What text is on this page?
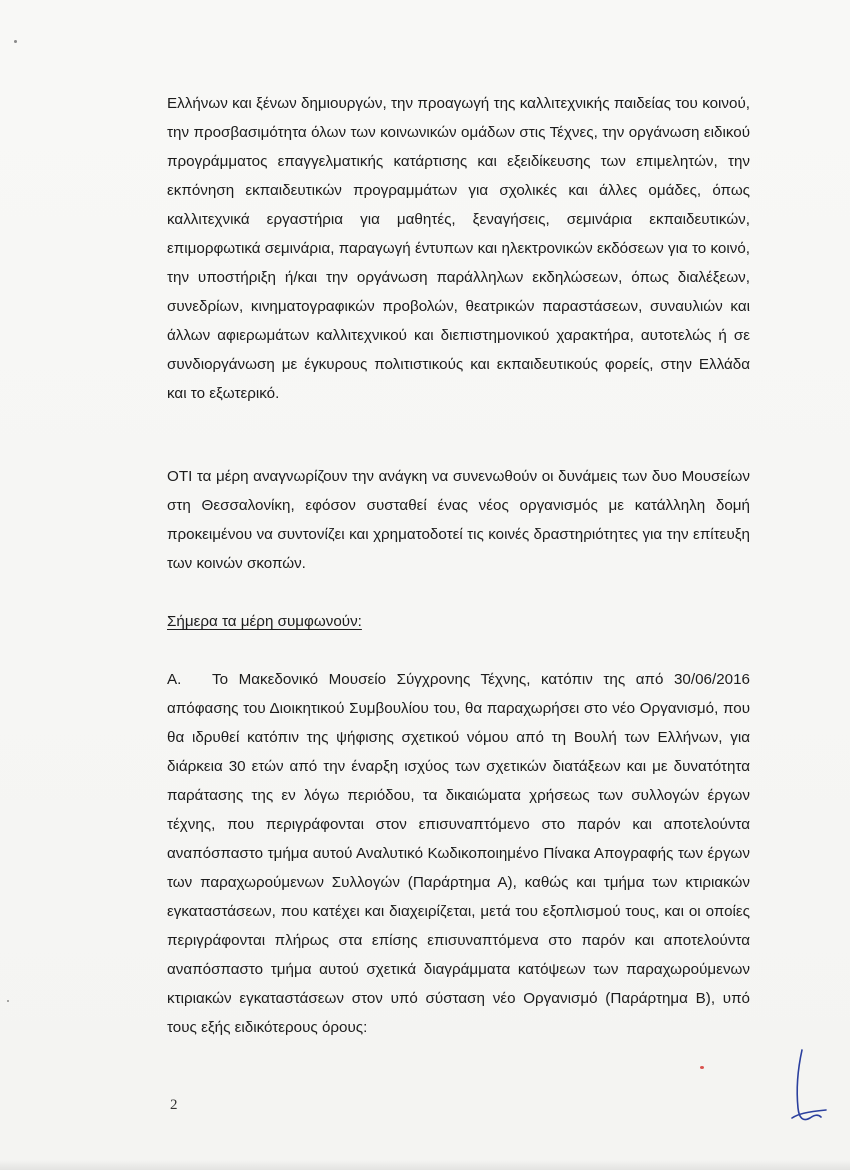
Ελλήνων και ξένων δημιουργών, την προαγωγή της καλλιτεχνικής παιδείας του κοινού, την προσβασιμότητα όλων των κοινωνικών ομάδων στις Τέχνες, την οργάνωση ειδικού προγράμματος επαγγελματικής κατάρτισης και εξειδίκευσης των επιμελητών, την εκπόνηση εκπαιδευτικών προγραμμάτων για σχολικές και άλλες ομάδες, όπως καλλιτεχνικά εργαστήρια για μαθητές, ξεναγήσεις, σεμινάρια εκπαιδευτικών, επιμορφωτικά σεμινάρια, παραγωγή έντυπων και ηλεκτρονικών εκδόσεων για το κοινό, την υποστήριξη ή/και την οργάνωση παράλληλων εκδηλώσεων, όπως διαλέξεων, συνεδρίων, κινηματογραφικών προβολών, θεατρικών παραστάσεων, συναυλιών και άλλων αφιερωμάτων καλλιτεχνικού και διεπιστημονικού χαρακτήρα, αυτοτελώς ή σε συνδιοργάνωση με έγκυρους πολιτιστικούς και εκπαιδευτικούς φορείς, στην Ελλάδα και το εξωτερικό.

ΟΤΙ τα μέρη αναγνωρίζουν την ανάγκη να συνενωθούν οι δυνάμεις των δυο Μουσείων στη Θεσσαλονίκη, εφόσον συσταθεί ένας νέος οργανισμός με κατάλληλη δομή προκειμένου να συντονίζει και χρηματοδοτεί τις κοινές δραστηριότητες για την επίτευξη των κοινών σκοπών.

Σήμερα τα μέρη συμφωνούν:

Α. Το Μακεδονικό Μουσείο Σύγχρονης Τέχνης, κατόπιν της από 30/06/2016 απόφασης του Διοικητικού Συμβουλίου του, θα παραχωρήσει στο νέο Οργανισμό, που θα ιδρυθεί κατόπιν της ψήφισης σχετικού νόμου από τη Βουλή των Ελλήνων, για διάρκεια 30 ετών από την έναρξη ισχύος των σχετικών διατάξεων και με δυνατότητα παράτασης της εν λόγω περιόδου, τα δικαιώματα χρήσεως των συλλογών έργων τέχνης, που περιγράφονται στον επισυναπτόμενο στο παρόν και αποτελούντα αναπόσπαστο τμήμα αυτού Αναλυτικό Κωδικοποιημένο Πίνακα Απογραφής των έργων των παραχωρούμενων Συλλογών (Παράρτημα Α), καθώς και τμήμα των κτιριακών εγκαταστάσεων, που κατέχει και διαχειρίζεται, μετά του εξοπλισμού τους, και οι οποίες περιγράφονται πλήρως στα επίσης επισυναπτόμενα στο παρόν και αποτελούντα αναπόσπαστο τμήμα αυτού σχετικά διαγράμματα κατόψεων των παραχωρούμενων κτιριακών εγκαταστάσεων στον υπό σύσταση νέο Οργανισμό (Παράρτημα Β), υπό τους εξής ειδικότερους όρους:

2
